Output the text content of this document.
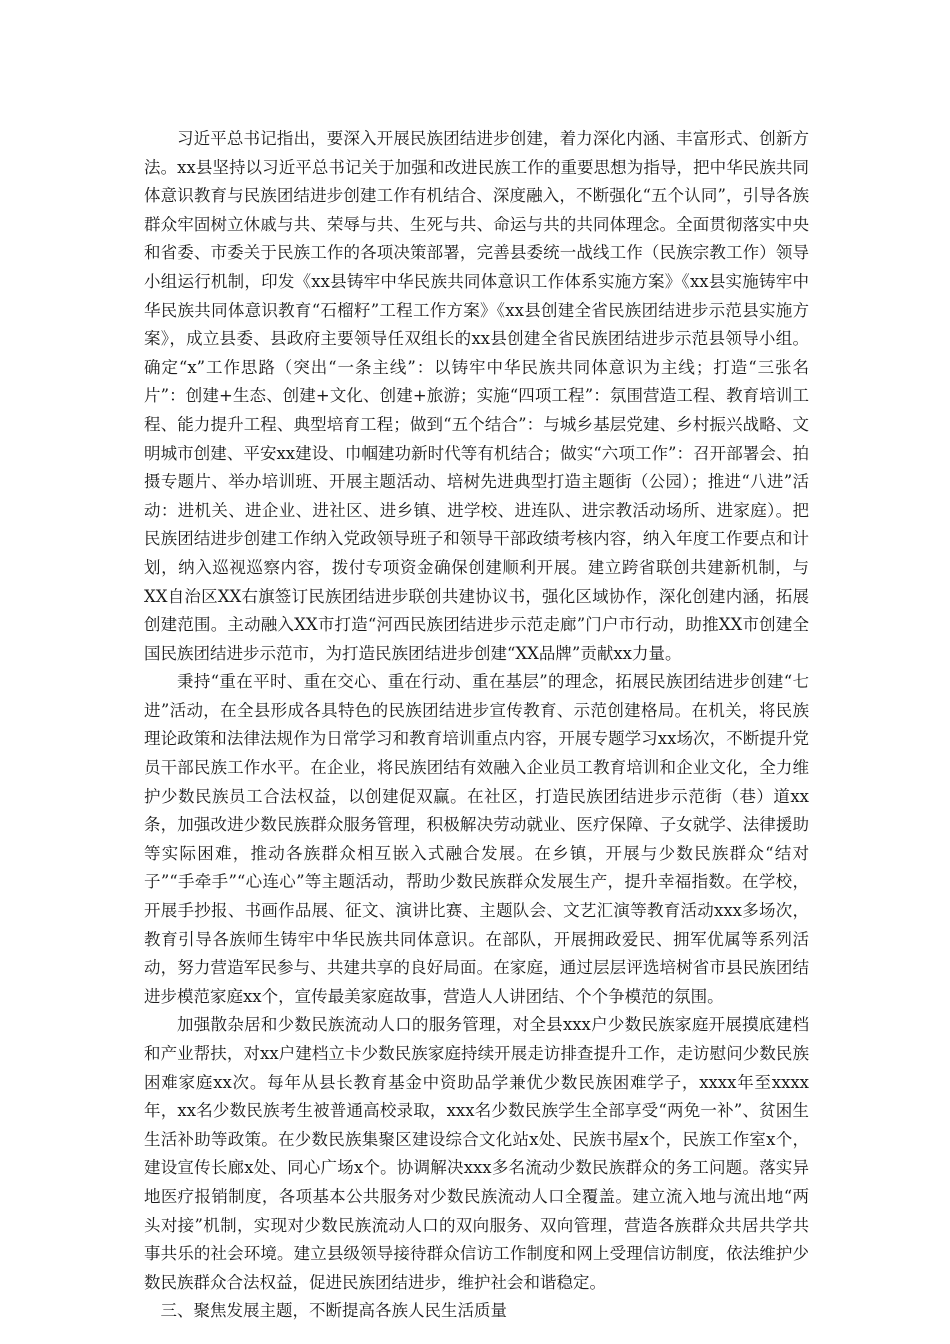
习近平总书记指出，要深入开展民族团结进步创建，着力深化内涵、丰富形式、创新方法。xx县坚持以习近平总书记关于加强和改进民族工作的重要思想为指导，把中华民族共同体意识教育与民族团结进步创建工作有机结合、深度融入，不断强化“五个认同”，引导各族群众牢固树立休戚与共、荣辱与共、生死与共、命运与共的共同体理念。全面贯彻落实中央和省委、市委关于民族工作的各项决策部署，完善县委统一战线工作（民族宗教工作）领导小组运行机制，印发《xx县铸牢中华民族共同体意识工作体系实施方案》《xx县实施铸牢中华民族共同体意识教育“石榴籽”工程工作方案》《xx县创建全省民族团结进步示范县实施方案》，成立县委、县政府主要领导任双组长的xx县创建全省民族团结进步示范县领导小组。确定“x”工作思路（突出“一条主线”：以铸牢中华民族共同体意识为主线；打造“三张名片”：创建+生态、创建+文化、创建+旅游；实施“四项工程”：氛围营造工程、教育培训工程、能力提升工程、典型培育工程；做到“五个结合”：与城乡基层党建、乡村振兴战略、文明城市创建、平安xx建设、巾帼建功新时代等有机结合；做实“六项工作”：召开部署会、拍摄专题片、举办培训班、开展主题活动、培树先进典型打造主题街（公园）；推进“八进”活动：进机关、进企业、进社区、进乡镇、进学校、进连队、进宗教活动场所、进家庭）。把民族团结进步创建工作纳入党政领导班子和领导干部政绩考核内容，纳入年度工作要点和计划，纳入巡视巡察内容，拨付专项资金确保创建顺利开展。建立跨省联创共建新机制，与XX自治区XX右旗签订民族团结进步联创共建协议书，强化区域协作，深化创建内涵，拓展创建范围。主动融入XX市打造“河西民族团结进步示范走廊”门户市行动，助推XX市创建全国民族团结进步示范市，为打造民族团结进步创建“XX品牌”贡献xx力量。

秉持“重在平时、重在交心、重在行动、重在基层”的理念，拓展民族团结进步创建“七进”活动，在全县形成各具特色的民族团结进步宣传教育、示范创建格局。在机关，将民族理论政策和法律法规作为日常学习和教育培训重点内容，开展专题学习xx场次，不断提升党员干部民族工作水平。在企业，将民族团结有效融入企业员工教育培训和企业文化，全力维护少数民族员工合法权益，以创建促双赢。在社区，打造民族团结进步示范街（巷）道xx条，加强改进少数民族群众服务管理，积极解决劳动就业、医疗保障、子女就学、法律援助等实际困难，推动各族群众相互嵌入式融合发展。在乡镇，开展与少数民族群众“结对子”“手牵手”“心连心”等主题活动，帮助少数民族群众发展生产，提升幸福指数。在学校，开展手抄报、书画作品展、征文、演讲比赛、主题队会、文艺汇演等教育活动xxx多场次，教育引导各族师生铸牢中华民族共同体意识。在部队，开展拥政爱民、拥军优属等系列活动，努力营造军民参与、共建共享的良好局面。在家庭，通过层层评选培树省市县民族团结进步模范家庭xx个，宣传最美家庭故事，营造人人讲团结、个个争模范的氛围。

加强散杂居和少数民族流动人口的服务管理，对全县xxx户少数民族家庭开展摸底建档和产业帮扶，对xx户建档立卡少数民族家庭持续开展走访排查提升工作，走访慰问少数民族困难家庭xx次。每年从县长教育基金中资助品学兼优少数民族困难学子，xxxx年至xxxx年，xx名少数民族考生被普通高校录取，xxx名少数民族学生全部享受“两免一补”、贫困生生活补助等政策。在少数民族集聚区建设综合文化站x处、民族书屋x个，民族工作室x个，建设宣传长廊x处、同心广场x个。协调解决xxx多名流动少数民族群众的务工问题。落实异地医疗报销制度，各项基本公共服务对少数民族流动人口全覆盖。建立流入地与流出地“两头对接”机制，实现对少数民族流动人口的双向服务、双向管理，营造各族群众共居共学共事共乐的社会环境。建立县级领导接待群众信访工作制度和网上受理信访制度，依法维护少数民族群众合法权益，促进民族团结进步，维护社会和谐稳定。

三、聚焦发展主题，不断提高各族人民生活质量
